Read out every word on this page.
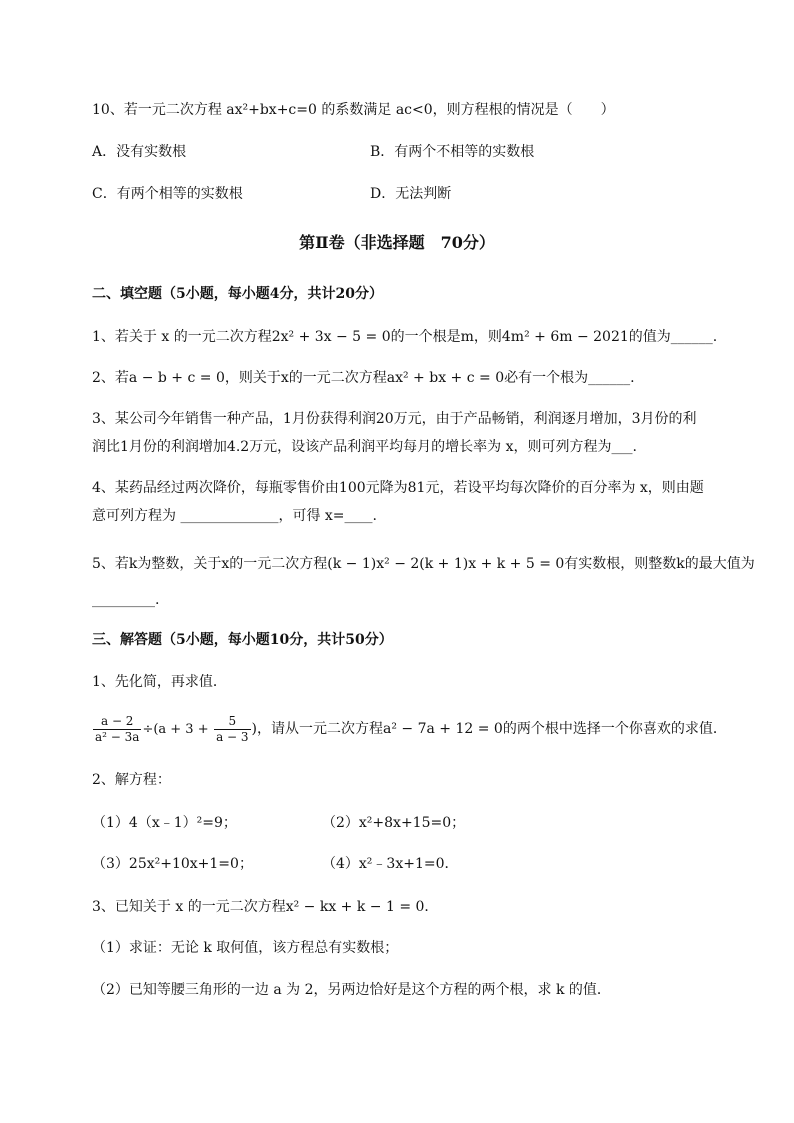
10、若一元二次方程 ax²+bx+c=0 的系数满足 ac<0，则方程根的情况是（　　）
A．没有实数根	B．有两个不相等的实数根
C．有两个相等的实数根	D．无法判断
第Ⅱ卷（非选择题　70分）
二、填空题（5小题，每小题4分，共计20分）
1、若关于 x 的一元二次方程2x² + 3x − 5 = 0的一个根是m，则4m² + 6m − 2021的值为______.
2、若a − b + c = 0，则关于x的一元二次方程ax² + bx + c = 0必有一个根为______.
3、某公司今年销售一种产品，1月份获得利润20万元，由于产品畅销，利润逐月增加，3月份的利
润比1月份的利润增加4.2万元，设该产品利润平均每月的增长率为 x，则可列方程为___.
4、某药品经过两次降价，每瓶零售价由100元降为81元，若设平均每次降价的百分率为 x，则由题
意可列方程为 ______________，可得 x=____.
5、若k为整数，关于x的一元二次方程(k − 1)x² − 2(k + 1)x + k + 5 = 0有实数根，则整数k的最大值为
_________.
三、解答题（5小题，每小题10分，共计50分）
1、先化简，再求值．
$\frac{a - 2}{\text{a² − 3a}} \div(a + 3 + \frac{5}{a - 3}$ )，请从一元二次方程a² − 7a + 12 = 0的两个根中选择一个你喜欢的求值．
2、解方程：
（1）4（x﹣1）²=9；	（2）x²+8x+15=0；
（3）25x²+10x+1=0；	（4）x²﹣3x+1=0．
3、已知关于 x 的一元二次方程x² − kx + k − 1 = 0．
（1）求证：无论 k 取何值，该方程总有实数根；
（2）已知等腰三角形的一边 a 为 2，另两边恰好是这个方程的两个根，求 k 的值．
